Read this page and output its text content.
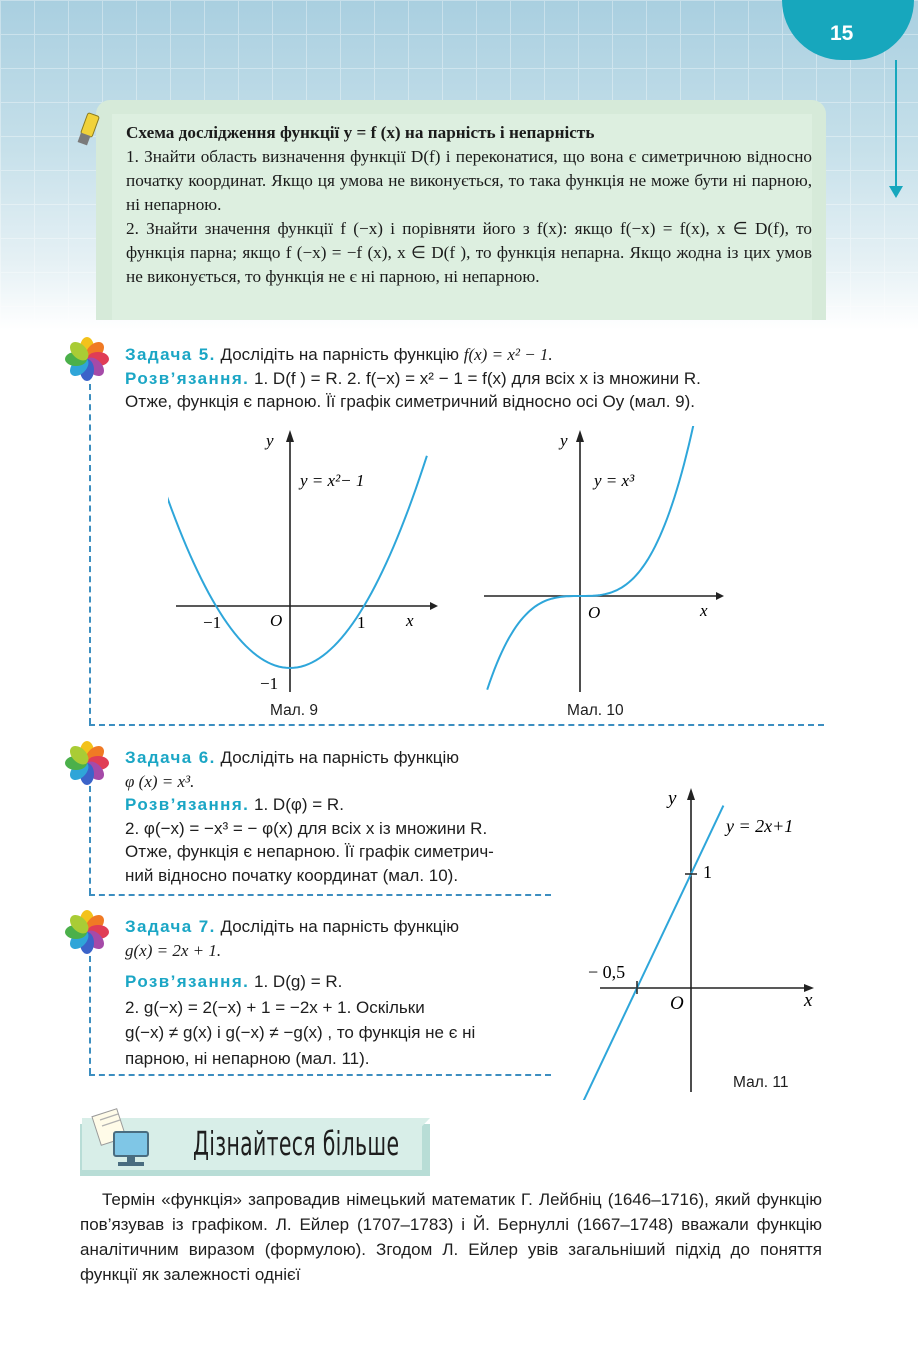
15

Схема дослідження функції y = f (x) на парність і непарність

1. Знайти область визначення функції D(f) і переконатися, що вона є симетричною відносно початку координат. Якщо ця умова не виконується, то така функція не може бути ні парною, ні непарною.

2. Знайти значення функції f (−x) і порівняти його з f(x): якщо f(−x) = f(x), x ∈ D(f), то функція парна; якщо f (−x) = −f (x), x ∈ D(f ), то функція непарна. Якщо жодна із цих умов не виконується, то функція не є ні парною, ні непарною.

Задача 5. Дослідіть на парність функцію f(x) = x² − 1.
Розв’язання. 1. D(f ) = R. 2. f(−x) = x² − 1 = f(x) для всіх x із множини R.
Отже, функція є парною. Її графік симетричний відносно осі Oy (мал. 9).
y
x
O
−1	1
−1
y = x²− 1
Мал. 9
y
x
O
y = x³
Мал. 10
Задача 6. Дослідіть на парність функцію
φ (x) = x³.
Розв’язання. 1. D(φ) = R.
2. φ(−x) = −x³ = − φ(x) для всіх x із множини R.
Отже, функція є непарною. Її графік симетрич-
ний відносно початку координат (мал. 10).
Задача 7. Дослідіть на парність функцію
g(x) = 2x + 1.
Розв’язання. 1. D(g) = R.
2. g(−x) = 2(−x) + 1 = −2x + 1. Оскільки
g(−x) ≠ g(x) і g(−x) ≠ −g(x) , то функція не є ні
парною, ні непарною (мал. 11).
y
x
O
1
− 0,5
y = 2x+1
Мал. 11
Дізнайтеся більше

Термін «функція» запровадив німецький математик Г. Лейбніц (1646–1716), який функцію пов’язував із графіком. Л. Ейлер (1707–1783) і Й. Бернуллі (1667–1748) вважали функцію аналітичним виразом (формулою). Згодом Л. Ейлер увів загальніший підхід до поняття функції як залежності однієї
